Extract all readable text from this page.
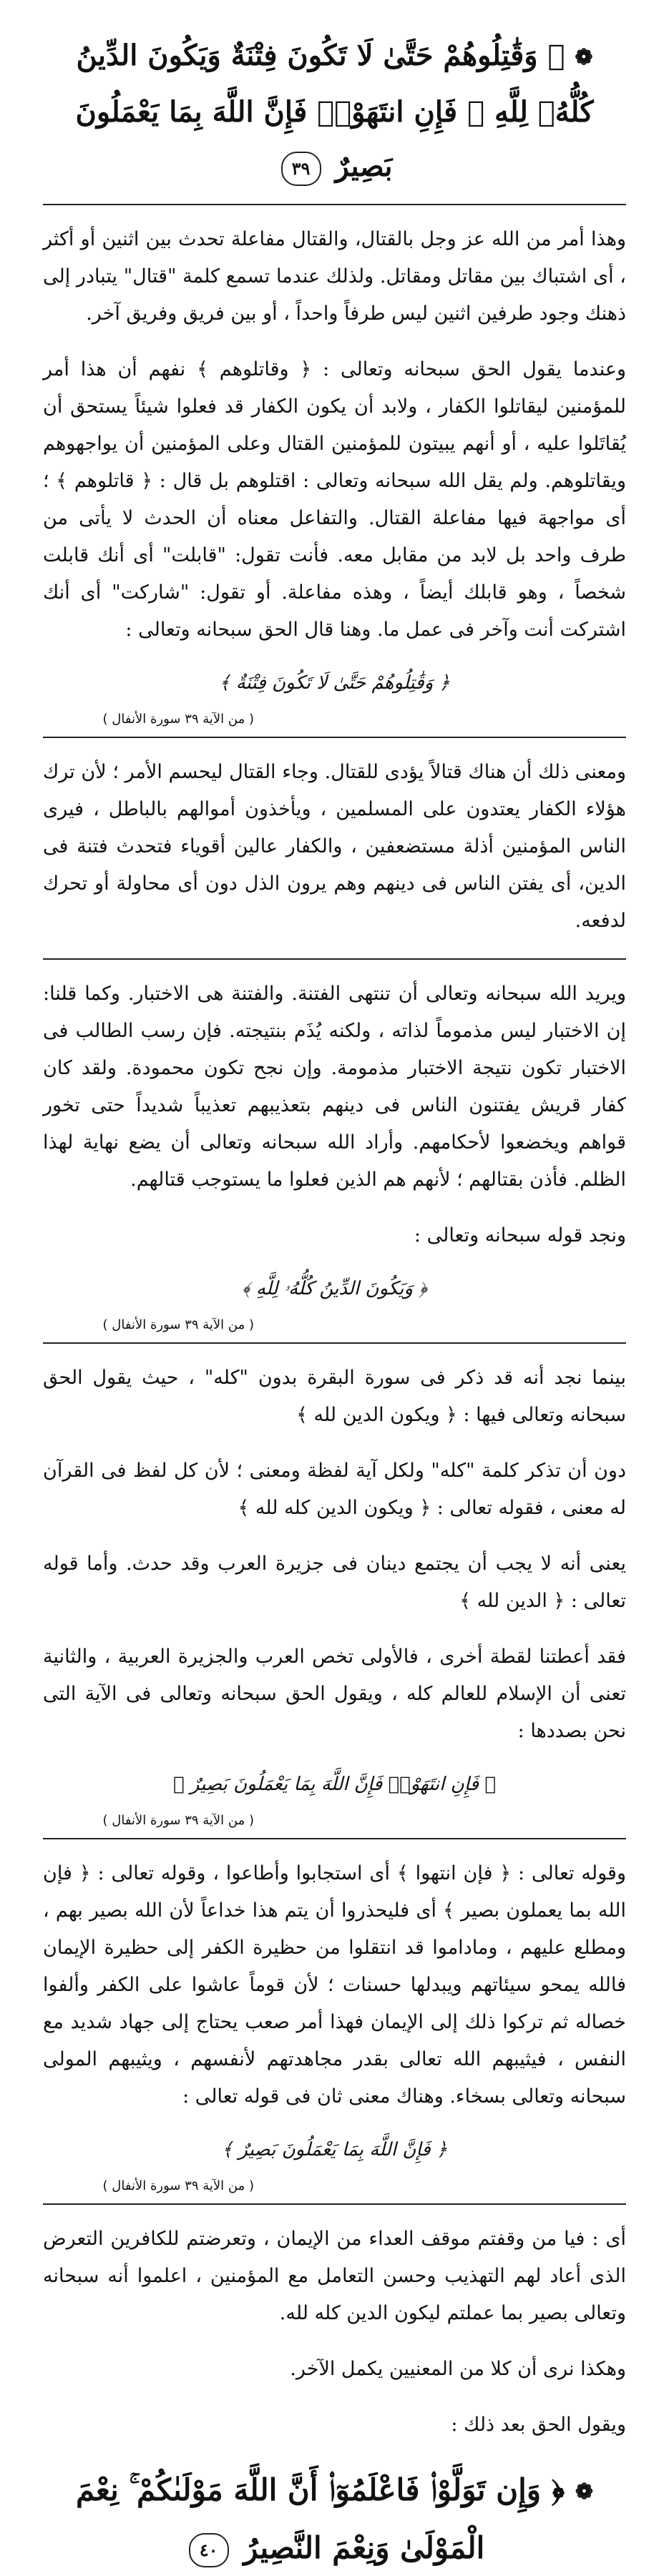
❁ ﴿ وَقَٰتِلُوهُمْ حَتَّىٰ لَا تَكُونَ فِتْنَةٌ وَيَكُونَ الدِّينُ كُلُّهُۥ لِلَّهِ ۚ فَإِنِ انتَهَوْا۟ فَإِنَّ اللَّهَ بِمَا يَعْمَلُونَ بَصِيرٌ ٣٩

وهذا أمر من الله عز وجل بالقتال، والقتال مفاعلة تحدث بين اثنين أو أكثر ، أى اشتباك بين مقاتل ومقاتل. ولذلك عندما تسمع كلمة "قتال" يتبادر إلى ذهنك وجود طرفين اثنين ليس طرفاً واحداً ، أو بين فريق وفريق آخر.

وعندما يقول الحق سبحانه وتعالى : ﴿ وقاتلوهم ﴾ نفهم أن هذا أمر للمؤمنين ليقاتلوا الكفار ، ولابد أن يكون الكفار قد فعلوا شيئاً يستحق أن يُقاتَلوا عليه ، أو أنهم يبيتون للمؤمنين القتال وعلى المؤمنين أن يواجهوهم ويقاتلوهم. ولم يقل الله سبحانه وتعالى : اقتلوهم بل قال : ﴿ قاتلوهم ﴾ ؛ أى مواجهة فيها مفاعلة القتال. والتفاعل معناه أن الحدث لا يأتى من طرف واحد بل لابد من مقابل معه. فأنت تقول: "قابلت" أى أنك قابلت شخصاً ، وهو قابلك أيضاً ، وهذه مفاعلة. أو تقول: "شاركت" أى أنك اشتركت أنت وآخر فى عمل ما. وهنا قال الحق سبحانه وتعالى :

﴿ وَقَٰتِلُوهُمْ حَتَّىٰ لَا تَكُونَ فِتْنَةٌ ﴾
( من الآية ٣٩ سورة الأنفال )

ومعنى ذلك أن هناك قتالاً يؤدى للقتال. وجاء القتال ليحسم الأمر ؛ لأن ترك هؤلاء الكفار يعتدون على المسلمين ، ويأخذون أموالهم بالباطل ، فيرى الناس المؤمنين أذلة مستضعفين ، والكفار عالين أقوياء فتحدث فتنة فى الدين، أى يفتن الناس فى دينهم وهم يرون الذل دون أى محاولة أو تحرك لدفعه.

ويريد الله سبحانه وتعالى أن تنتهى الفتنة. والفتنة هى الاختبار. وكما قلنا: إن الاختبار ليس مذموماً لذاته ، ولكنه يُذَم بنتيجته. فإن رسب الطالب فى الاختبار تكون نتيجة الاختبار مذمومة. وإن نجح تكون محمودة. ولقد كان كفار قريش يفتنون الناس فى دينهم بتعذيبهم تعذيباً شديداً حتى تخور قواهم ويخضعوا لأحكامهم. وأراد الله سبحانه وتعالى أن يضع نهاية لهذا الظلم. فأذن بقتالهم ؛ لأنهم هم الذين فعلوا ما يستوجب قتالهم.

ونجد قوله سبحانه وتعالى :

﴿ وَيَكُونَ الدِّينُ كُلُّهُۥ لِلَّهِ ﴾
( من الآية ٣٩ سورة الأنفال )

بينما نجد أنه قد ذكر فى سورة البقرة بدون "كله" ، حيث يقول الحق سبحانه وتعالى فيها : ﴿ ويكون الدين لله ﴾

دون أن تذكر كلمة "كله" ولكل آية لفظة ومعنى ؛ لأن كل لفظ فى القرآن له معنى ، فقوله تعالى : ﴿ ويكون الدين كله لله ﴾

يعنى أنه لا يجب أن يجتمع دينان فى جزيرة العرب وقد حدث. وأما قوله تعالى : ﴿ الدين لله ﴾

فقد أعطتنا لقطة أخرى ، فالأولى تخص العرب والجزيرة العربية ، والثانية تعنى أن الإسلام للعالم كله ، ويقول الحق سبحانه وتعالى فى الآية التى نحن بصددها :

﴿ فَإِنِ انتَهَوْا۟ فَإِنَّ اللَّهَ بِمَا يَعْمَلُونَ بَصِيرٌ ﴾
( من الآية ٣٩ سورة الأنفال )

وقوله تعالى : ﴿ فإن انتهوا ﴾ أى استجابوا وأطاعوا ، وقوله تعالى : ﴿ فإن الله بما يعملون بصير ﴾ أى فليحذروا أن يتم هذا خداعاً لأن الله بصير بهم ، ومطلع عليهم ، وماداموا قد انتقلوا من حظيرة الكفر إلى حظيرة الإيمان فالله يمحو سيئاتهم ويبدلها حسنات ؛ لأن قوماً عاشوا على الكفر وألفوا خصاله ثم تركوا ذلك إلى الإيمان فهذا أمر صعب يحتاج إلى جهاد شديد مع النفس ، فيثيبهم الله تعالى بقدر مجاهدتهم لأنفسهم ، ويثيبهم المولى سبحانه وتعالى بسخاء. وهناك معنى ثان فى قوله تعالى :

﴿ فَإِنَّ اللَّهَ بِمَا يَعْمَلُونَ بَصِيرٌ ﴾
( من الآية ٣٩ سورة الأنفال )

أى : فيا من وقفتم موقف العداء من الإيمان ، وتعرضتم للكافرين التعرض الذى أعاد لهم التهذيب وحسن التعامل مع المؤمنين ، اعلموا أنه سبحانه وتعالى بصير بما عملتم ليكون الدين كله لله.

وهكذا نرى أن كلا من المعنيين يكمل الآخر.

ويقول الحق بعد ذلك :

❁ ﴿ وَإِن تَوَلَّوْا۟ فَاعْلَمُوٓا۟ أَنَّ اللَّهَ مَوْلَىٰكُمْ ۚ نِعْمَ الْمَوْلَىٰ وَنِعْمَ النَّصِيرُ ٤٠
